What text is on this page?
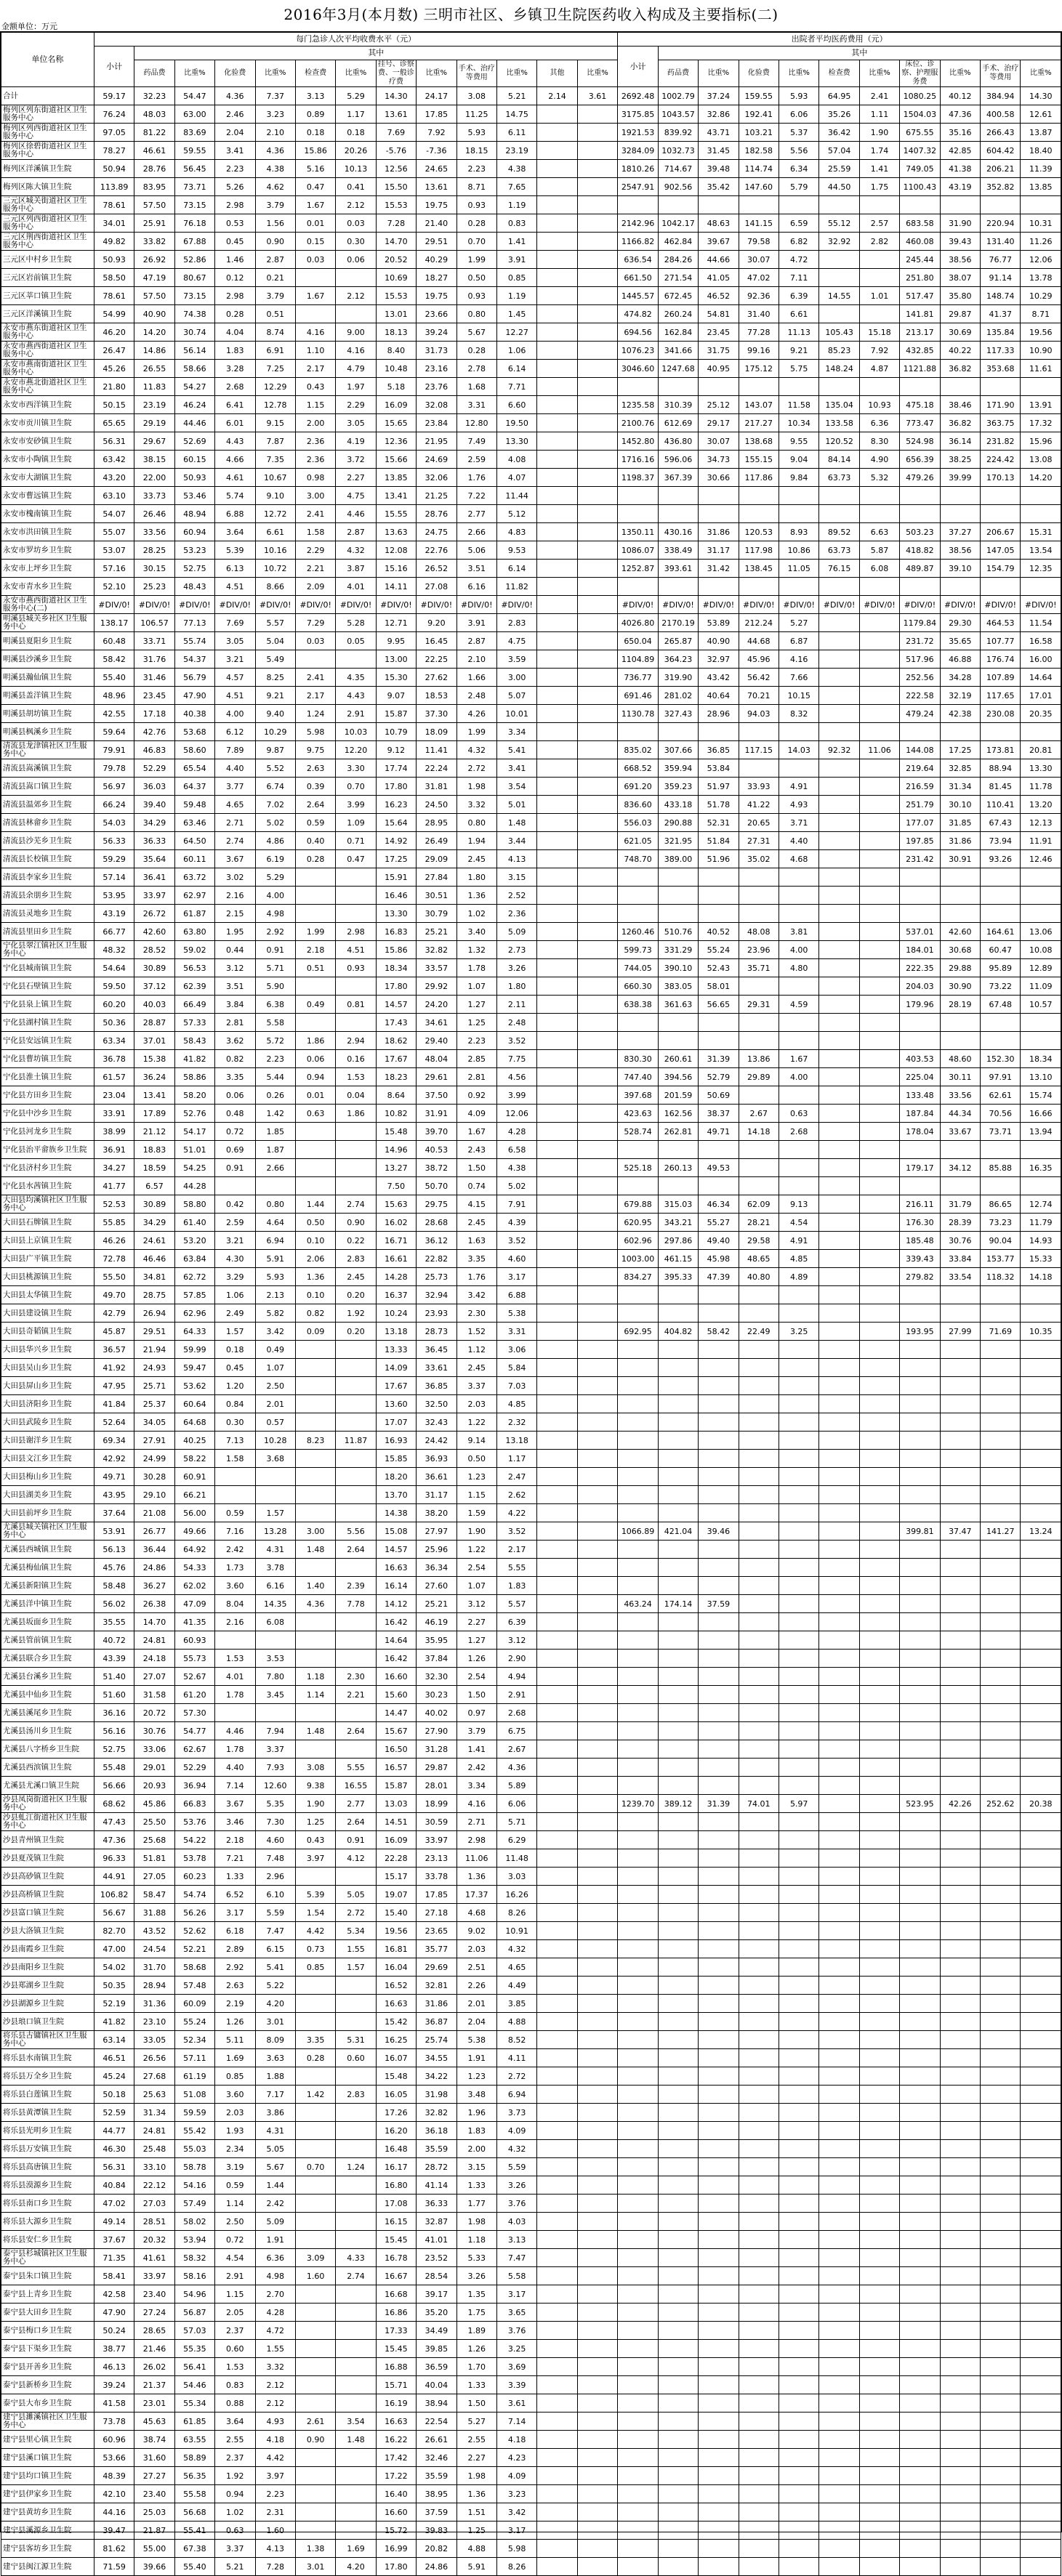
2016年3月(本月数) 三明市社区、乡镇卫生院医药收入构成及主要指标(二)
金额单位：万元
单位名称	每门急诊人次平均收费水平（元）													出院者平均医药费用（元）										
	小计	其中												小计	其中									
		药品费	比重%	化验费	比重%	检查费	比重%	挂号、诊察费、一般诊疗费	比重%	手术、治疗等费用	比重%	其他	比重%		药品费	比重%	化验费	比重%	检查费	比重%	床位、诊察、护理服务费	比重%	手术、治疗等费用	比重%
合计	59.17	32.23	54.47	4.36	7.37	3.13	5.29	14.30	24.17	3.08	5.21	2.14	3.61	2692.48	1002.79	37.24	159.55	5.93	64.95	2.41	1080.25	40.12	384.94	14.30
梅列区列东街道社区卫生服务中心	76.24	48.03	63.00	2.46	3.23	0.89	1.17	13.61	17.85	11.25	14.75			3175.85	1043.57	32.86	192.41	6.06	35.26	1.11	1504.03	47.36	400.58	12.61
梅列区列西街道社区卫生服务中心	97.05	81.22	83.69	2.04	2.10	0.18	0.18	7.69	7.92	5.93	6.11			1921.53	839.92	43.71	103.21	5.37	36.42	1.90	675.55	35.16	266.43	13.87
梅列区徐碧街道社区卫生服务中心	78.27	46.61	59.55	3.41	4.36	15.86	20.26	-5.76	-7.36	18.15	23.19			3284.09	1032.73	31.45	182.58	5.56	57.04	1.74	1407.32	42.85	604.42	18.40
梅列区洋溪镇卫生院	50.94	28.76	56.45	2.23	4.38	5.16	10.13	12.56	24.65	2.23	4.38			1810.26	714.67	39.48	114.74	6.34	25.59	1.41	749.05	41.38	206.21	11.39
梅列区陈大镇卫生院	113.89	83.95	73.71	5.26	4.62	0.47	0.41	15.50	13.61	8.71	7.65			2547.91	902.56	35.42	147.60	5.79	44.50	1.75	1100.43	43.19	352.82	13.85
三元区城关街道社区卫生服务中心	78.61	57.50	73.15	2.98	3.79	1.67	2.12	15.53	19.75	0.93	1.19													
三元区列西街道社区卫生服务中心	34.01	25.91	76.18	0.53	1.56	0.01	0.03	7.28	21.40	0.28	0.83			2142.96	1042.17	48.63	141.15	6.59	55.12	2.57	683.58	31.90	220.94	10.31
三元区荆西街道社区卫生服务中心	49.82	33.82	67.88	0.45	0.90	0.15	0.30	14.70	29.51	0.70	1.41			1166.82	462.84	39.67	79.58	6.82	32.92	2.82	460.08	39.43	131.40	11.26
三元区中村乡卫生院	50.93	26.92	52.86	1.46	2.87	0.03	0.06	20.52	40.29	1.99	3.91			636.54	284.26	44.66	30.07	4.72			245.44	38.56	76.77	12.06
三元区岩前镇卫生院	58.50	47.19	80.67	0.12	0.21			10.69	18.27	0.50	0.85			661.50	271.54	41.05	47.02	7.11			251.80	38.07	91.14	13.78
三元区莘口镇卫生院	78.61	57.50	73.15	2.98	3.79	1.67	2.12	15.53	19.75	0.93	1.19			1445.57	672.45	46.52	92.36	6.39	14.55	1.01	517.47	35.80	148.74	10.29
三元区洋溪镇卫生院	54.99	40.90	74.38	0.28	0.51			13.01	23.66	0.80	1.45			474.82	260.24	54.81	31.40	6.61			141.81	29.87	41.37	8.71
永安市燕东街道社区卫生服务中心	46.20	14.20	30.74	4.04	8.74	4.16	9.00	18.13	39.24	5.67	12.27			694.56	162.84	23.45	77.28	11.13	105.43	15.18	213.17	30.69	135.84	19.56
永安市燕西街道社区卫生服务中心	26.47	14.86	56.14	1.83	6.91	1.10	4.16	8.40	31.73	0.28	1.06			1076.23	341.66	31.75	99.16	9.21	85.23	7.92	432.85	40.22	117.33	10.90
永安市燕南街道社区卫生服务中心	45.26	26.55	58.66	3.28	7.25	2.17	4.79	10.48	23.16	2.78	6.14			3046.60	1247.68	40.95	175.12	5.75	148.24	4.87	1121.88	36.82	353.68	11.61
永安市燕北街道社区卫生服务中心	21.80	11.83	54.27	2.68	12.29	0.43	1.97	5.18	23.76	1.68	7.71													
永安市西洋镇卫生院	50.15	23.19	46.24	6.41	12.78	1.15	2.29	16.09	32.08	3.31	6.60			1235.58	310.39	25.12	143.07	11.58	135.04	10.93	475.18	38.46	171.90	13.91
永安市贡川镇卫生院	65.65	29.19	44.46	6.01	9.15	2.00	3.05	15.65	23.84	12.80	19.50			2100.76	612.69	29.17	217.27	10.34	133.58	6.36	773.47	36.82	363.75	17.32
永安市安砂镇卫生院	56.31	29.67	52.69	4.43	7.87	2.36	4.19	12.36	21.95	7.49	13.30			1452.80	436.80	30.07	138.68	9.55	120.52	8.30	524.98	36.14	231.82	15.96
永安市小陶镇卫生院	63.42	38.15	60.15	4.66	7.35	2.36	3.72	15.66	24.69	2.59	4.08			1716.16	596.06	34.73	155.15	9.04	84.14	4.90	656.39	38.25	224.42	13.08
永安市大湖镇卫生院	43.20	22.00	50.93	4.61	10.67	0.98	2.27	13.85	32.06	1.76	4.07			1198.37	367.39	30.66	117.86	9.84	63.73	5.32	479.26	39.99	170.13	14.20
永安市曹远镇卫生院	63.10	33.73	53.46	5.74	9.10	3.00	4.75	13.41	21.25	7.22	11.44													
永安市槐南镇卫生院	54.07	26.46	48.94	6.88	12.72	2.41	4.46	15.55	28.76	2.77	5.12													
永安市洪田镇卫生院	55.07	33.56	60.94	3.64	6.61	1.58	2.87	13.63	24.75	2.66	4.83			1350.11	430.16	31.86	120.53	8.93	89.52	6.63	503.23	37.27	206.67	15.31
永安市罗坊乡卫生院	53.07	28.25	53.23	5.39	10.16	2.29	4.32	12.08	22.76	5.06	9.53			1086.07	338.49	31.17	117.98	10.86	63.73	5.87	418.82	38.56	147.05	13.54
永安市上坪乡卫生院	57.16	30.15	52.75	6.13	10.72	2.21	3.87	15.16	26.52	3.51	6.14			1252.87	393.61	31.42	138.45	11.05	76.15	6.08	489.87	39.10	154.79	12.35
永安市青水乡卫生院	52.10	25.23	48.43	4.51	8.66	2.09	4.01	14.11	27.08	6.16	11.82													
永安市燕西街道社区卫生服务中心(二)	#DIV/0!	#DIV/0!	#DIV/0!	#DIV/0!	#DIV/0!	#DIV/0!	#DIV/0!	#DIV/0!	#DIV/0!	#DIV/0!	#DIV/0!			#DIV/0!	#DIV/0!	#DIV/0!	#DIV/0!	#DIV/0!	#DIV/0!	#DIV/0!	#DIV/0!	#DIV/0!	#DIV/0!	#DIV/0!
明溪县城关乡社区卫生服务中心	138.17	106.57	77.13	7.69	5.57	7.29	5.28	12.71	9.20	3.91	2.83			4026.80	2170.19	53.89	212.24	5.27			1179.84	29.30	464.53	11.54
明溪县夏阳乡卫生院	60.48	33.71	55.74	3.05	5.04	0.03	0.05	9.95	16.45	2.87	4.75			650.04	265.87	40.90	44.68	6.87			231.72	35.65	107.77	16.58
明溪县沙溪乡卫生院	58.42	31.76	54.37	3.21	5.49			13.00	22.25	2.10	3.59			1104.89	364.23	32.97	45.96	4.16			517.96	46.88	176.74	16.00
明溪县瀚仙镇卫生院	55.40	31.46	56.79	4.57	8.25	2.41	4.35	15.30	27.62	1.66	3.00			736.77	319.90	43.42	56.42	7.66			252.56	34.28	107.89	14.64
明溪县盖洋镇卫生院	48.96	23.45	47.90	4.51	9.21	2.17	4.43	9.07	18.53	2.48	5.07			691.46	281.02	40.64	70.21	10.15			222.58	32.19	117.65	17.01
明溪县胡坊镇卫生院	42.55	17.18	40.38	4.00	9.40	1.24	2.91	15.87	37.30	4.26	10.01			1130.78	327.43	28.96	94.03	8.32			479.24	42.38	230.08	20.35
明溪县枫溪乡卫生院	59.64	42.76	53.68	6.12	10.29	5.98	10.03	10.79	18.09	1.99	3.34													
清流县龙津镇社区卫生服务中心	79.91	46.83	58.60	7.89	9.87	9.75	12.20	9.12	11.41	4.32	5.41			835.02	307.66	36.85	117.15	14.03	92.32	11.06	144.08	17.25	173.81	20.81
清流县嵩溪镇卫生院	79.78	52.29	65.54	4.40	5.52	2.63	3.30	17.74	22.24	2.72	3.41			668.52	359.94	53.84					219.64	32.85	88.94	13.30
清流县嵩口镇卫生院	56.97	36.03	64.37	3.77	6.74	0.39	0.70	17.80	31.81	1.98	3.54			691.20	359.23	51.97	33.93	4.91			216.59	31.34	81.45	11.78
清流县温郊乡卫生院	66.24	39.40	59.48	4.65	7.02	2.64	3.99	16.23	24.50	3.32	5.01			836.60	433.18	51.78	41.22	4.93			251.79	30.10	110.41	13.20
清流县林畲乡卫生院	54.03	34.29	63.46	2.71	5.02	0.59	1.09	15.64	28.95	0.80	1.48			556.03	290.88	52.31	20.65	3.71			177.07	31.85	67.43	12.13
清流县沙芜乡卫生院	56.33	36.33	64.50	2.74	4.86	0.40	0.71	14.92	26.49	1.94	3.44			621.05	321.95	51.84	27.31	4.40			197.85	31.86	73.94	11.91
清流县长校镇卫生院	59.29	35.64	60.11	3.67	6.19	0.28	0.47	17.25	29.09	2.45	4.13			748.70	389.00	51.96	35.02	4.68			231.42	30.91	93.26	12.46
清流县李家乡卫生院	57.14	36.41	63.72	3.02	5.29			15.91	27.84	1.80	3.15													
清流县余朋乡卫生院	53.95	33.97	62.97	2.16	4.00			16.46	30.51	1.36	2.52													
清流县灵地乡卫生院	43.19	26.72	61.87	2.15	4.98			13.30	30.79	1.02	2.36													
清流县里田乡卫生院	66.77	42.60	63.80	1.95	2.92	1.99	2.98	16.83	25.21	3.40	5.09			1260.46	510.76	40.52	48.08	3.81			537.01	42.60	164.61	13.06
宁化县翠江镇社区卫生服务中心	48.32	28.52	59.02	0.44	0.91	2.18	4.51	15.86	32.82	1.32	2.73			599.73	331.29	55.24	23.96	4.00			184.01	30.68	60.47	10.08
宁化县城南镇卫生院	54.64	30.89	56.53	3.12	5.71	0.51	0.93	18.34	33.57	1.78	3.26			744.05	390.10	52.43	35.71	4.80			222.35	29.88	95.89	12.89
宁化县石壁镇卫生院	59.50	37.12	62.39	3.51	5.90			17.80	29.92	1.07	1.80			660.30	383.05	58.01					204.03	30.90	73.22	11.09
宁化县泉上镇卫生院	60.20	40.03	66.49	3.84	6.38	0.49	0.81	14.57	24.20	1.27	2.11			638.38	361.63	56.65	29.31	4.59			179.96	28.19	67.48	10.57
宁化县湖村镇卫生院	50.36	28.87	57.33	2.81	5.58			17.43	34.61	1.25	2.48													
宁化县安远镇卫生院	63.34	37.01	58.43	3.62	5.72	1.86	2.94	18.62	29.40	2.23	3.52													
宁化县曹坊镇卫生院	36.78	15.38	41.82	0.82	2.23	0.06	0.16	17.67	48.04	2.85	7.75			830.30	260.61	31.39	13.86	1.67			403.53	48.60	152.30	18.34
宁化县淮土镇卫生院	61.57	36.24	58.86	3.35	5.44	0.94	1.53	18.23	29.61	2.81	4.56			747.40	394.56	52.79	29.89	4.00			225.04	30.11	97.91	13.10
宁化县方田乡卫生院	23.04	13.41	58.20	0.06	0.26	0.01	0.04	8.64	37.50	0.92	3.99			397.68	201.59	50.69					133.48	33.56	62.61	15.74
宁化县中沙乡卫生院	33.91	17.89	52.76	0.48	1.42	0.63	1.86	10.82	31.91	4.09	12.06			423.63	162.56	38.37	2.67	0.63			187.84	44.34	70.56	16.66
宁化县河龙乡卫生院	38.99	21.12	54.17	0.72	1.85			15.48	39.70	1.67	4.28			528.74	262.81	49.71	14.18	2.68			178.04	33.67	73.71	13.94
宁化县治平畲族乡卫生院	36.91	18.83	51.01	0.69	1.87			14.96	40.53	2.43	6.58													
宁化县济村乡卫生院	34.27	18.59	54.25	0.91	2.66			13.27	38.72	1.50	4.38			525.18	260.13	49.53					179.17	34.12	85.88	16.35
宁化县水茜镇卫生院	41.77	6.57	44.28					7.50	50.70	0.74	5.02													
大田县均溪镇社区卫生服务中心	52.53	30.89	58.80	0.42	0.80	1.44	2.74	15.63	29.75	4.15	7.91			679.88	315.03	46.34	62.09	9.13			216.11	31.79	86.65	12.74
大田县石牌镇卫生院	55.85	34.29	61.40	2.59	4.64	0.50	0.90	16.02	28.68	2.45	4.39			620.95	343.21	55.27	28.21	4.54			176.30	28.39	73.23	11.79
大田县上京镇卫生院	46.26	24.61	53.20	3.21	6.94	0.10	0.22	16.71	36.12	1.63	3.52			602.96	297.86	49.40	29.58	4.91			185.48	30.76	90.04	14.93
大田县广平镇卫生院	72.78	46.46	63.84	4.30	5.91	2.06	2.83	16.61	22.82	3.35	4.60			1003.00	461.15	45.98	48.65	4.85			339.43	33.84	153.77	15.33
大田县桃源镇卫生院	55.50	34.81	62.72	3.29	5.93	1.36	2.45	14.28	25.73	1.76	3.17			834.27	395.33	47.39	40.80	4.89			279.82	33.54	118.32	14.18
大田县太华镇卫生院	49.70	28.75	57.85	1.06	2.13	0.10	0.20	16.37	32.94	3.42	6.88													
大田县建设镇卫生院	42.79	26.94	62.96	2.49	5.82	0.82	1.92	10.24	23.93	2.30	5.38													
大田县奇韬镇卫生院	45.87	29.51	64.33	1.57	3.42	0.09	0.20	13.18	28.73	1.52	3.31			692.95	404.82	58.42	22.49	3.25			193.95	27.99	71.69	10.35
大田县华兴乡卫生院	36.57	21.94	59.99	0.18	0.49			13.33	36.45	1.12	3.06													
大田县吴山乡卫生院	41.92	24.93	59.47	0.45	1.07			14.09	33.61	2.45	5.84													
大田县屏山乡卫生院	47.95	25.71	53.62	1.20	2.50			17.67	36.85	3.37	7.03													
大田县济阳乡卫生院	41.84	25.37	60.64	0.84	2.01			13.60	32.50	2.03	4.85													
大田县武陵乡卫生院	52.64	34.05	64.68	0.30	0.57			17.07	32.43	1.22	2.32													
大田县谢洋乡卫生院	69.34	27.91	40.25	7.13	10.28	8.23	11.87	16.93	24.42	9.14	13.18													
大田县文江乡卫生院	42.92	24.99	58.22	1.58	3.68			15.85	36.93	0.50	1.17													
大田县梅山乡卫生院	49.71	30.28	60.91					18.20	36.61	1.23	2.47													
大田县湖美乡卫生院	43.95	29.10	66.21					13.70	31.17	1.15	2.62													
大田县前坪乡卫生院	37.64	21.08	56.00	0.59	1.57			14.38	38.20	1.59	4.22													
尤溪县城关镇社区卫生服务中心	53.91	26.77	49.66	7.16	13.28	3.00	5.56	15.08	27.97	1.90	3.52			1066.89	421.04	39.46					399.81	37.47	141.27	13.24
尤溪县西城镇卫生院	56.13	36.44	64.92	2.42	4.31	1.48	2.64	14.57	25.96	1.22	2.17													
尤溪县梅仙镇卫生院	45.76	24.86	54.33	1.73	3.78			16.63	36.34	2.54	5.55													
尤溪县新阳镇卫生院	58.48	36.27	62.02	3.60	6.16	1.40	2.39	16.14	27.60	1.07	1.83													
尤溪县洋中镇卫生院	56.02	26.38	47.09	8.04	14.35	4.36	7.78	14.12	25.21	3.12	5.57			463.24	174.14	37.59								
尤溪县坂面乡卫生院	35.55	14.70	41.35	2.16	6.08			16.42	46.19	2.27	6.39													
尤溪县管前镇卫生院	40.72	24.81	60.93					14.64	35.95	1.27	3.12													
尤溪县联合乡卫生院	43.39	24.18	55.73	1.53	3.53			16.42	37.84	1.26	2.90													
尤溪县台溪乡卫生院	51.40	27.07	52.67	4.01	7.80	1.18	2.30	16.60	32.30	2.54	4.94													
尤溪县中仙乡卫生院	51.60	31.58	61.20	1.78	3.45	1.14	2.21	15.60	30.23	1.50	2.91													
尤溪县溪尾乡卫生院	36.16	20.72	57.30					14.47	40.02	0.97	2.68													
尤溪县汤川乡卫生院	56.16	30.76	54.77	4.46	7.94	1.48	2.64	15.67	27.90	3.79	6.75													
尤溪县八字桥乡卫生院	52.75	33.06	62.67	1.78	3.37			16.50	31.28	1.41	2.67													
尤溪县西滨镇卫生院	55.48	29.01	52.29	4.40	7.93	3.08	5.55	16.57	29.87	2.42	4.36													
尤溪县尤溪口镇卫生院	56.66	20.93	36.94	7.14	12.60	9.38	16.55	15.87	28.01	3.34	5.89													
沙县凤岗街道社区卫生服务中心	68.62	45.86	66.83	3.67	5.35	1.90	2.77	13.03	18.99	4.16	6.06			1239.70	389.12	31.39	74.01	5.97			523.95	42.26	252.62	20.38
沙县虬江街道社区卫生服务中心	47.43	25.50	53.76	3.46	7.30	1.25	2.64	14.51	30.59	2.71	5.71													
沙县青州镇卫生院	47.36	25.68	54.22	2.18	4.60	0.43	0.91	16.09	33.97	2.98	6.29													
沙县夏茂镇卫生院	96.33	51.81	53.78	7.21	7.48	3.97	4.12	22.28	23.13	11.06	11.48													
沙县高砂镇卫生院	44.91	27.05	60.23	1.33	2.96			15.17	33.78	1.36	3.03													
沙县高桥镇卫生院	106.82	58.47	54.74	6.52	6.10	5.39	5.05	19.07	17.85	17.37	16.26													
沙县富口镇卫生院	56.67	31.88	56.26	3.17	5.59	1.54	2.72	15.40	27.18	4.68	8.26													
沙县大洛镇卫生院	82.70	43.52	52.62	6.18	7.47	4.42	5.34	19.56	23.65	9.02	10.91													
沙县南霞乡卫生院	47.00	24.54	52.21	2.89	6.15	0.73	1.55	16.81	35.77	2.03	4.32													
沙县南阳乡卫生院	54.02	31.70	58.68	2.92	5.41	0.85	1.57	16.04	29.69	2.51	4.65													
沙县郑湖乡卫生院	50.35	28.94	57.48	2.63	5.22			16.52	32.81	2.26	4.49													
沙县湖源乡卫生院	52.19	31.36	60.09	2.19	4.20			16.63	31.86	2.01	3.85													
沙县琅口镇卫生院	41.82	23.10	55.24	1.26	3.01			15.42	36.87	2.04	4.88													
将乐县古镛镇社区卫生服务中心	63.14	33.05	52.34	5.11	8.09	3.35	5.31	16.25	25.74	5.38	8.52													
将乐县水南镇卫生院	46.51	26.56	57.11	1.69	3.63	0.28	0.60	16.07	34.55	1.91	4.11													
将乐县万全乡卫生院	45.24	27.68	61.19	0.85	1.88			15.48	34.22	1.23	2.72													
将乐县白莲镇卫生院	50.18	25.63	51.08	3.60	7.17	1.42	2.83	16.05	31.98	3.48	6.94													
将乐县黄潭镇卫生院	52.59	31.34	59.59	2.03	3.86			17.26	32.82	1.96	3.73													
将乐县光明乡卫生院	44.77	24.81	55.42	1.93	4.31			16.20	36.18	1.83	4.09													
将乐县万安镇卫生院	46.30	25.48	55.03	2.34	5.05			16.48	35.59	2.00	4.32													
将乐县高唐镇卫生院	56.31	33.10	58.78	3.19	5.67	0.70	1.24	16.17	28.72	3.15	5.59													
将乐县漠源乡卫生院	40.84	22.12	54.16	0.59	1.44			16.80	41.14	1.33	3.26													
将乐县南口乡卫生院	47.02	27.03	57.49	1.14	2.42			17.08	36.33	1.77	3.76													
将乐县大源乡卫生院	49.14	28.51	58.02	2.50	5.09			16.15	32.87	1.98	4.03													
将乐县安仁乡卫生院	37.67	20.32	53.94	0.72	1.91			15.45	41.01	1.18	3.13													
泰宁县杉城镇社区卫生服务中心	71.35	41.61	58.32	4.54	6.36	3.09	4.33	16.78	23.52	5.33	7.47													
泰宁县朱口镇卫生院	58.41	33.97	58.16	2.91	4.98	1.60	2.74	16.67	28.54	3.26	5.58													
泰宁县上青乡卫生院	42.58	23.40	54.96	1.15	2.70			16.68	39.17	1.35	3.17													
泰宁县大田乡卫生院	47.90	27.24	56.87	2.05	4.28			16.86	35.20	1.75	3.65													
泰宁县梅口乡卫生院	50.24	28.65	57.03	2.37	4.72			17.33	34.49	1.89	3.76													
泰宁县下渠乡卫生院	38.77	21.46	55.35	0.60	1.55			15.45	39.85	1.26	3.25													
泰宁县开善乡卫生院	46.13	26.02	56.41	1.53	3.32			16.88	36.59	1.70	3.69													
泰宁县新桥乡卫生院	39.24	21.37	54.46	0.83	2.12			15.71	40.04	1.33	3.39													
泰宁县大布乡卫生院	41.58	23.01	55.34	0.88	2.12			16.19	38.94	1.50	3.61													
建宁县濉溪镇社区卫生服务中心	73.78	45.63	61.85	3.64	4.93	2.61	3.54	16.63	22.54	5.27	7.14													
建宁县里心镇卫生院	60.96	38.74	63.55	2.55	4.18	0.90	1.48	16.22	26.61	2.55	4.18													
建宁县溪口镇卫生院	53.66	31.60	58.89	2.37	4.42			17.42	32.46	2.27	4.23													
建宁县均口镇卫生院	48.39	27.27	56.35	1.92	3.97			17.22	35.59	1.98	4.09													
建宁县伊家乡卫生院	42.10	23.40	55.58	0.94	2.23			16.40	38.95	1.36	3.23													
建宁县黄坊乡卫生院	44.16	25.03	56.68	1.02	2.31			16.60	37.59	1.51	3.42													
建宁县溪源乡卫生院	39.47	21.87	55.41	0.63	1.60			15.72	39.83	1.25	3.17													
建宁县客坊乡卫生院	81.62	55.00	67.38	3.37	4.13	1.38	1.69	16.99	20.82	4.88	5.98													
建宁县闽江源卫生院	71.59	39.66	55.40	5.21	7.28	3.01	4.20	17.80	24.86	5.91	8.26													
